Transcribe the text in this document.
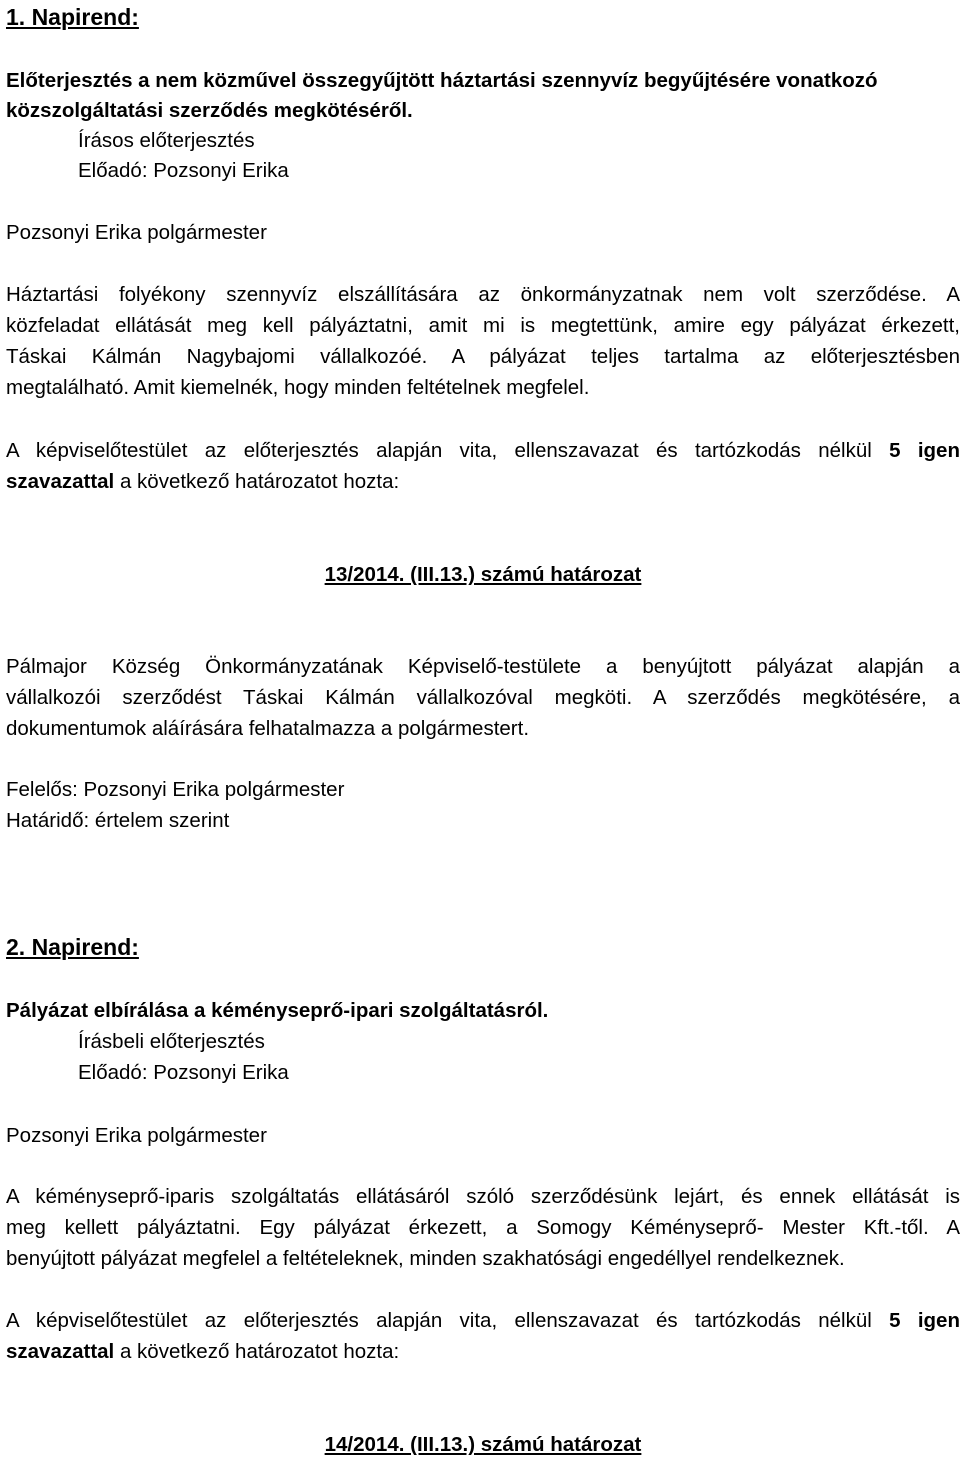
1. Napirend:
Előterjesztés a nem közművel összegyűjtött háztartási szennyvíz begyűjtésére vonatkozó
közszolgáltatási szerződés megkötéséről.
Írásos előterjesztés
Előadó: Pozsonyi Erika
Pozsonyi Erika polgármester
Háztartási folyékony szennyvíz elszállítására az önkormányzatnak nem volt szerződése. A
közfeladat ellátását meg kell pályáztatni, amit mi is megtettünk, amire egy pályázat érkezett,
Táskai Kálmán Nagybajomi vállalkozóé. A pályázat teljes tartalma az előterjesztésben
megtalálható. Amit kiemelnék, hogy minden feltételnek megfelel.
A képviselőtestület az előterjesztés alapján vita, ellenszavazat és tartózkodás nélkül 5 igen
szavazattal a következő határozatot hozta:
13/2014. (III.13.) számú határozat
Pálmajor Község Önkormányzatának Képviselő-testülete a benyújtott pályázat alapján a
vállalkozói szerződést Táskai Kálmán vállalkozóval megköti. A szerződés megkötésére, a
dokumentumok aláírására felhatalmazza a polgármestert.
Felelős: Pozsonyi Erika polgármester
Határidő: értelem szerint
2. Napirend:
Pályázat elbírálása a kéményseprő-ipari szolgáltatásról.
Írásbeli előterjesztés
Előadó: Pozsonyi Erika
Pozsonyi Erika polgármester
A kéményseprő-iparis szolgáltatás ellátásáról szóló szerződésünk lejárt, és ennek ellátását is
meg kellett pályáztatni. Egy pályázat érkezett, a Somogy Kéményseprő- Mester Kft.-től. A
benyújtott pályázat megfelel a feltételeknek, minden szakhatósági engedéllyel rendelkeznek.
A képviselőtestület az előterjesztés alapján vita, ellenszavazat és tartózkodás nélkül 5 igen
szavazattal a következő határozatot hozta:
14/2014. (III.13.) számú határozat
